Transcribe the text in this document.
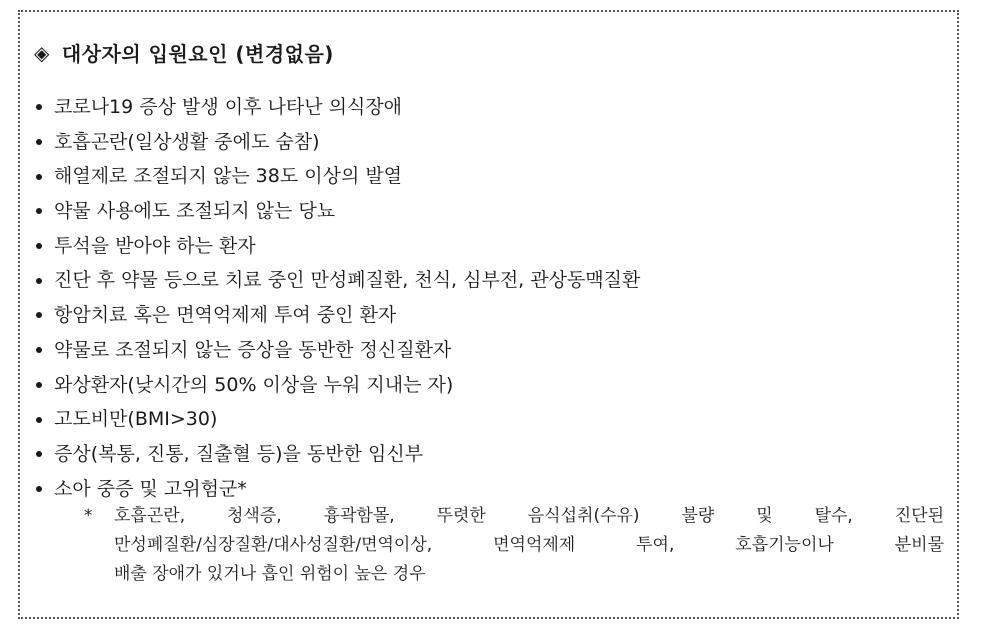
◈ 대상자의 입원요인 (변경없음)
코로나19 증상 발생 이후 나타난 의식장애
호흡곤란(일상생활 중에도 숨참)
해열제로 조절되지 않는 38도 이상의 발열
약물 사용에도 조절되지 않는 당뇨
투석을 받아야 하는 환자
진단 후 약물 등으로 치료 중인 만성폐질환, 천식, 심부전, 관상동맥질환
항암치료 혹은 면역억제제 투여 중인 환자
약물로 조절되지 않는 증상을 동반한 정신질환자
와상환자(낮시간의 50% 이상을 누워 지내는 자)
고도비만(BMI>30)
증상(복통, 진통, 질출혈 등)을 동반한 임신부
소아 중증 및 고위험군*
*	호흡곤란, 청색증, 흉곽함몰, 뚜렷한 음식섭취(수유) 불량 및 탈수, 진단된
만성폐질환/심장질환/대사성질환/면역이상, 면역억제제 투여, 호흡기능이나 분비물
배출 장애가 있거나 흡인 위험이 높은 경우
